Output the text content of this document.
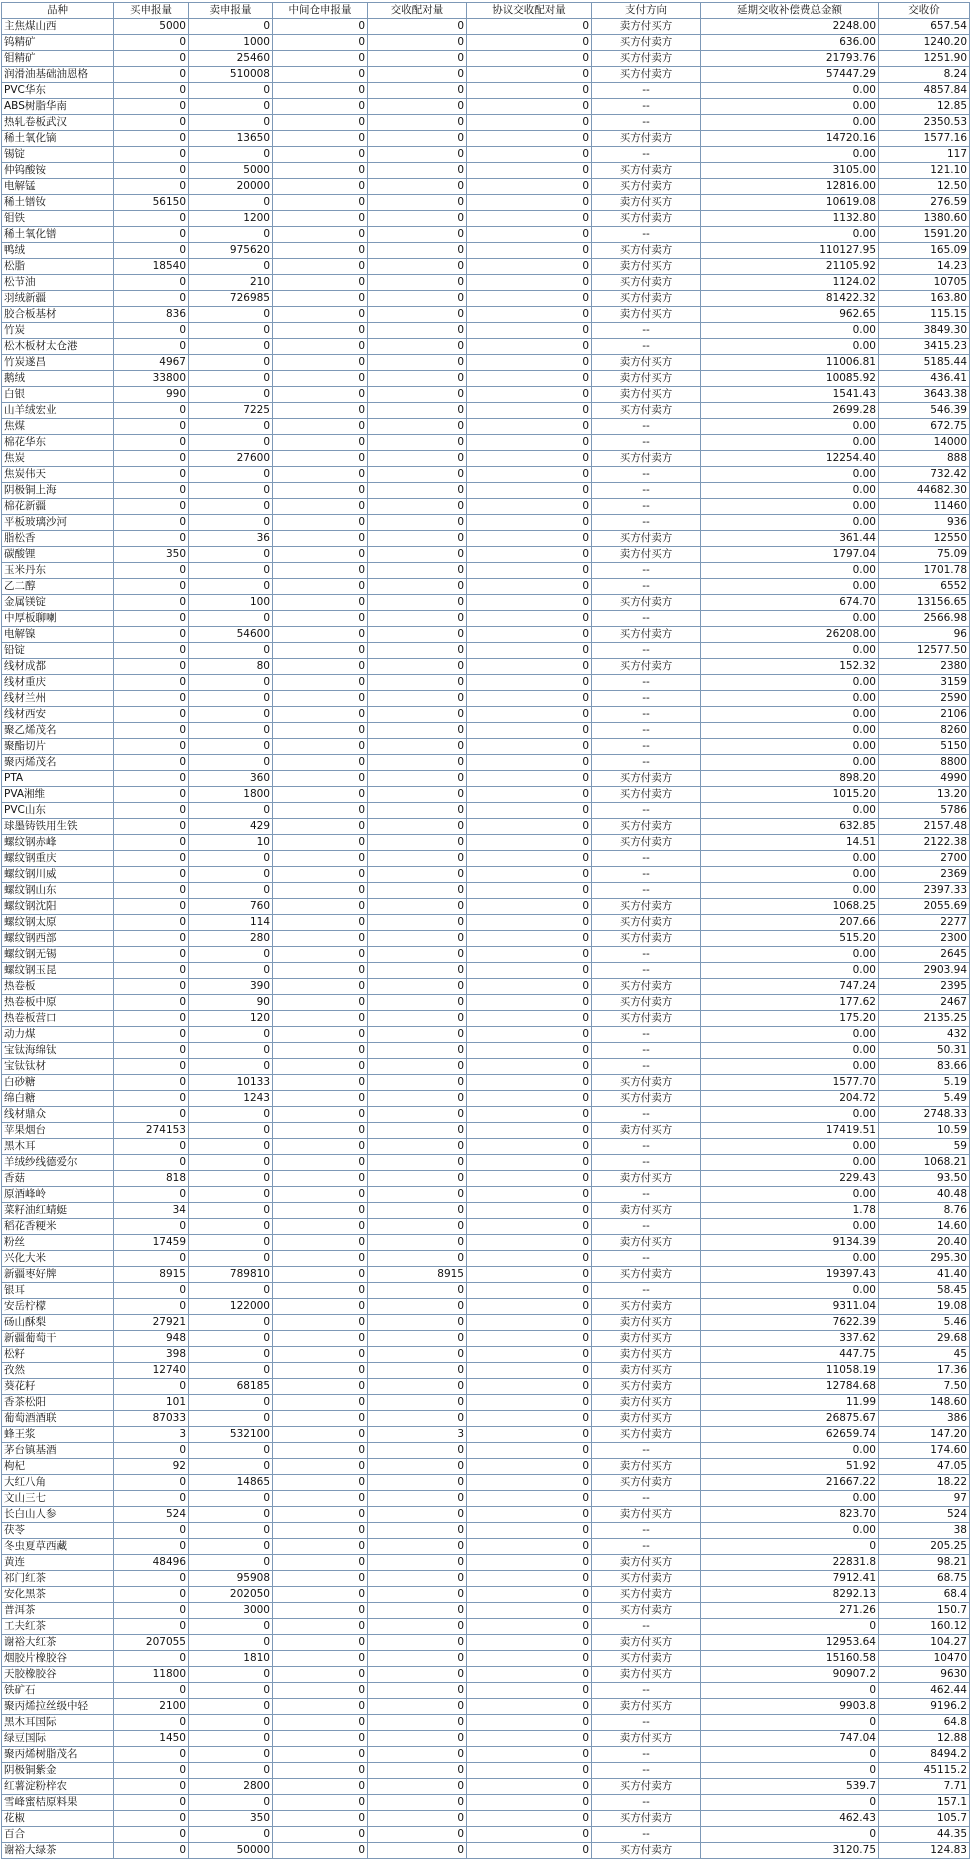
品种	买申报量	卖申报量	中间仓申报量	交收配对量	协议交收配对量	支付方向	延期交收补偿费总金额	交收价
主焦煤山西	5000	0	0	0	0	卖方付买方	2248.00	657.54
钨精矿	0	1000	0	0	0	买方付卖方	636.00	1240.20
钼精矿	0	25460	0	0	0	买方付卖方	21793.76	1251.90
润滑油基础油恩格	0	510008	0	0	0	买方付卖方	57447.29	8.24
PVC华东	0	0	0	0	0	--	0.00	4857.84
ABS树脂华南	0	0	0	0	0	--	0.00	12.85
热轧卷板武汉	0	0	0	0	0	--	0.00	2350.53
稀土氧化镝	0	13650	0	0	0	买方付卖方	14720.16	1577.16
锡锭	0	0	0	0	0	--	0.00	117
仲钨酸铵	0	5000	0	0	0	买方付卖方	3105.00	121.10
电解锰	0	20000	0	0	0	买方付卖方	12816.00	12.50
稀土镨钕	56150	0	0	0	0	卖方付买方	10619.08	276.59
钼铁	0	1200	0	0	0	买方付卖方	1132.80	1380.60
稀土氧化镨	0	0	0	0	0	--	0.00	1591.20
鸭绒	0	975620	0	0	0	买方付卖方	110127.95	165.09
松脂	18540	0	0	0	0	卖方付买方	21105.92	14.23
松节油	0	210	0	0	0	买方付卖方	1124.02	10705
羽绒新疆	0	726985	0	0	0	买方付卖方	81422.32	163.80
胶合板基材	836	0	0	0	0	卖方付买方	962.65	115.15
竹炭	0	0	0	0	0	--	0.00	3849.30
松木板材太仓港	0	0	0	0	0	--	0.00	3415.23
竹炭遂昌	4967	0	0	0	0	卖方付买方	11006.81	5185.44
鹅绒	33800	0	0	0	0	卖方付买方	10085.92	436.41
白银	990	0	0	0	0	卖方付买方	1541.43	3643.38
山羊绒宏业	0	7225	0	0	0	买方付卖方	2699.28	546.39
焦煤	0	0	0	0	0	--	0.00	672.75
棉花华东	0	0	0	0	0	--	0.00	14000
焦炭	0	27600	0	0	0	买方付卖方	12254.40	888
焦炭伟天	0	0	0	0	0	--	0.00	732.42
阴极铜上海	0	0	0	0	0	--	0.00	44682.30
棉花新疆	0	0	0	0	0	--	0.00	11460
平板玻璃沙河	0	0	0	0	0	--	0.00	936
脂松香	0	36	0	0	0	买方付卖方	361.44	12550
碳酸锂	350	0	0	0	0	卖方付买方	1797.04	75.09
玉米丹东	0	0	0	0	0	--	0.00	1701.78
乙二醇	0	0	0	0	0	--	0.00	6552
金属镁锭	0	100	0	0	0	买方付卖方	674.70	13156.65
中厚板聊喇	0	0	0	0	0	--	0.00	2566.98
电解镍	0	54600	0	0	0	买方付卖方	26208.00	96
铅锭	0	0	0	0	0	--	0.00	12577.50
线材成都	0	80	0	0	0	买方付卖方	152.32	2380
线材重庆	0	0	0	0	0	--	0.00	3159
线材兰州	0	0	0	0	0	--	0.00	2590
线材西安	0	0	0	0	0	--	0.00	2106
聚乙烯茂名	0	0	0	0	0	--	0.00	8260
聚酯切片	0	0	0	0	0	--	0.00	5150
聚丙烯茂名	0	0	0	0	0	--	0.00	8800
PTA	0	360	0	0	0	买方付卖方	898.20	4990
PVA湘维	0	1800	0	0	0	买方付卖方	1015.20	13.20
PVC山东	0	0	0	0	0	--	0.00	5786
球墨铸铁用生铁	0	429	0	0	0	买方付卖方	632.85	2157.48
螺纹钢赤峰	0	10	0	0	0	买方付卖方	14.51	2122.38
螺纹钢重庆	0	0	0	0	0	--	0.00	2700
螺纹钢川威	0	0	0	0	0	--	0.00	2369
螺纹钢山东	0	0	0	0	0	--	0.00	2397.33
螺纹钢沈阳	0	760	0	0	0	买方付卖方	1068.25	2055.69
螺纹钢太原	0	114	0	0	0	买方付卖方	207.66	2277
螺纹钢西部	0	280	0	0	0	买方付卖方	515.20	2300
螺纹钢无锡	0	0	0	0	0	--	0.00	2645
螺纹钢玉昆	0	0	0	0	0	--	0.00	2903.94
热卷板	0	390	0	0	0	买方付卖方	747.24	2395
热卷板中原	0	90	0	0	0	买方付卖方	177.62	2467
热卷板营口	0	120	0	0	0	买方付卖方	175.20	2135.25
动力煤	0	0	0	0	0	--	0.00	432
宝钛海绵钛	0	0	0	0	0	--	0.00	50.31
宝钛钛材	0	0	0	0	0	--	0.00	83.66
白砂糖	0	10133	0	0	0	买方付卖方	1577.70	5.19
绵白糖	0	1243	0	0	0	买方付卖方	204.72	5.49
线材鼎众	0	0	0	0	0	--	0.00	2748.33
苹果烟台	274153	0	0	0	0	卖方付买方	17419.51	10.59
黑木耳	0	0	0	0	0	--	0.00	59
羊绒纱线德爱尔	0	0	0	0	0	--	0.00	1068.21
香菇	818	0	0	0	0	卖方付买方	229.43	93.50
原酒峰岭	0	0	0	0	0	--	0.00	40.48
菜籽油红蜻蜓	34	0	0	0	0	卖方付买方	1.78	8.76
稻花香粳米	0	0	0	0	0	--	0.00	14.60
粉丝	17459	0	0	0	0	卖方付买方	9134.39	20.40
兴化大米	0	0	0	0	0	--	0.00	295.30
新疆枣好牌	8915	789810	0	8915	0	买方付卖方	19397.43	41.40
银耳	0	0	0	0	0	--	0.00	58.45
安岳柠檬	0	122000	0	0	0	买方付卖方	9311.04	19.08
砀山酥梨	27921	0	0	0	0	卖方付买方	7622.39	5.46
新疆葡萄干	948	0	0	0	0	卖方付买方	337.62	29.68
松籽	398	0	0	0	0	卖方付买方	447.75	45
孜然	12740	0	0	0	0	卖方付买方	11058.19	17.36
葵花籽	0	68185	0	0	0	买方付卖方	12784.68	7.50
香茶松阳	101	0	0	0	0	卖方付买方	11.99	148.60
葡萄酒酒联	87033	0	0	0	0	卖方付买方	26875.67	386
蜂王浆	3	532100	0	3	0	买方付卖方	62659.74	147.20
茅台镇基酒	0	0	0	0	0	--	0.00	174.60
枸杞	92	0	0	0	0	卖方付买方	51.92	47.05
大红八角	0	14865	0	0	0	买方付卖方	21667.22	18.22
文山三七	0	0	0	0	0	--	0.00	97
长白山人参	524	0	0	0	0	卖方付买方	823.70	524
茯苓	0	0	0	0	0	--	0.00	38
冬虫夏草西藏	0	0	0	0	0	--	0	205.25
黄连	48496	0	0	0	0	卖方付买方	22831.8	98.21
祁门红茶	0	95908	0	0	0	买方付卖方	7912.41	68.75
安化黑茶	0	202050	0	0	0	买方付卖方	8292.13	68.4
普洱茶	0	3000	0	0	0	买方付卖方	271.26	150.7
工夫红茶	0	0	0	0	0	--	0	160.12
谢裕大红茶	207055	0	0	0	0	卖方付买方	12953.64	104.27
烟胶片橡胶谷	0	1810	0	0	0	买方付卖方	15160.58	10470
天胶橡胶谷	11800	0	0	0	0	卖方付买方	90907.2	9630
铁矿石	0	0	0	0	0	--	0	462.44
聚丙烯拉丝级中轻	2100	0	0	0	0	卖方付买方	9903.8	9196.2
黑木耳国际	0	0	0	0	0	--	0	64.8
绿豆国际	1450	0	0	0	0	卖方付买方	747.04	12.88
聚丙烯树脂茂名	0	0	0	0	0	--	0	8494.2
阴极铜紫金	0	0	0	0	0	--	0	45115.2
红薯淀粉梓农	0	2800	0	0	0	买方付卖方	539.7	7.71
雪峰蜜桔原料果	0	0	0	0	0	--	0	157.1
花椒	0	350	0	0	0	买方付卖方	462.43	105.7
百合	0	0	0	0	0	--	0	44.35
谢裕大绿茶	0	50000	0	0	0	买方付卖方	3120.75	124.83
